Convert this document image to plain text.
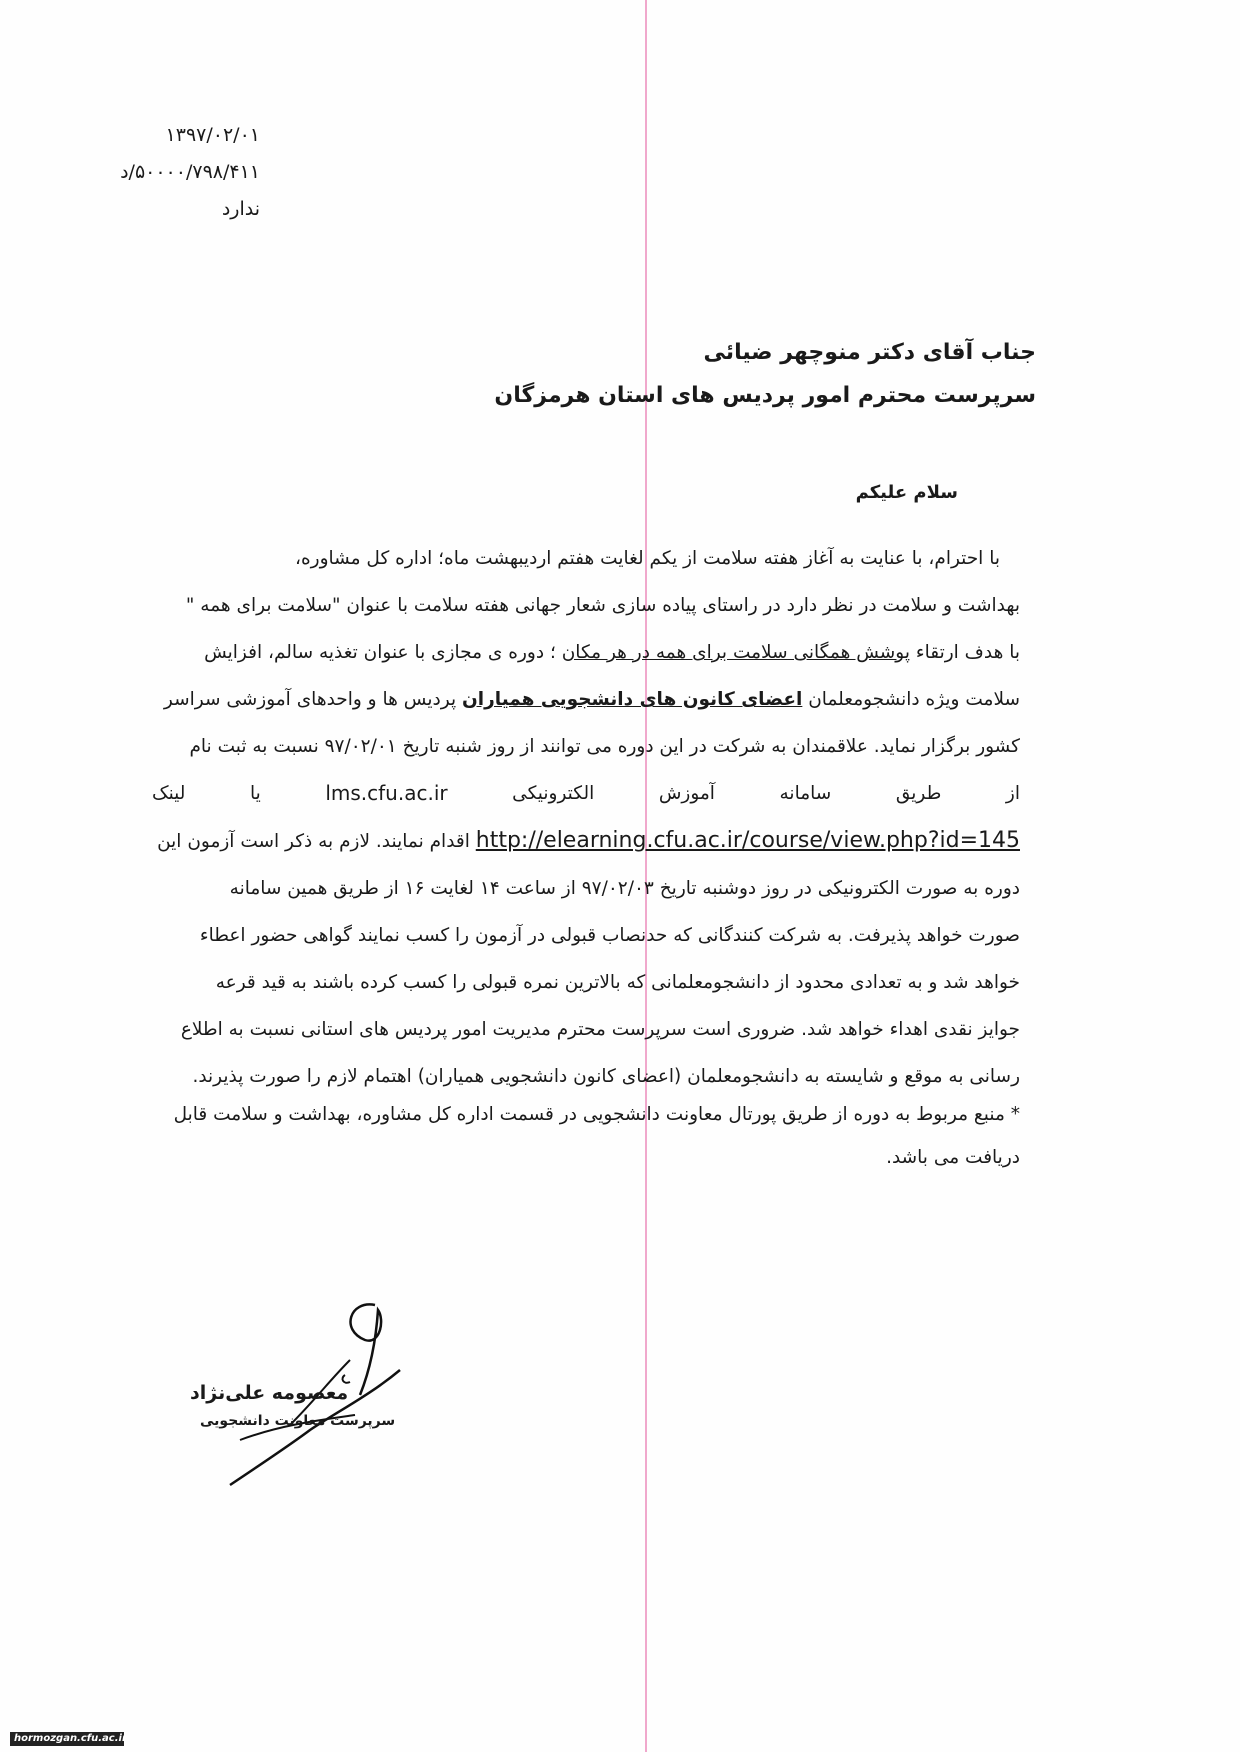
۱۳۹۷/۰۲/۰۱
۵۰۰۰۰/۷۹۸/۴۱۱/د
ندارد
جناب آقای دکتر منوچهر ضیائی
سرپرست محترم امور پردیس های استان هرمزگان
سلام علیکم

با احترام، با عنایت به آغاز هفته سلامت از یکم لغایت هفتم اردیبهشت ماه؛ اداره کل مشاوره،

بهداشت و سلامت در نظر دارد در راستای پیاده سازی شعار جهانی هفته سلامت با عنوان "سلامت برای همه "

با هدف ارتقاء پوشش همگانی سلامت برای همه در هر مکان ؛ دوره ی مجازی با عنوان تغذیه سالم، افزایش

سلامت ویژه دانشجومعلمان اعضای کانون های دانشجویی همیاران پردیس ها و واحدهای آموزشی سراسر

کشور برگزار نماید. علاقمندان به شرکت در این دوره می توانند از روز شنبه تاریخ ۹۷/۰۲/۰۱ نسبت به ثبت نام

از
طریق
سامانه
آموزش
الکترونیکی
lms.cfu.ac.ir
یا
لینک

http://elearning.cfu.ac.ir/course/view.php?id=145 اقدام نمایند. لازم به ذکر است آزمون این

دوره به صورت الکترونیکی در روز دوشنبه تاریخ ۹۷/۰۲/۰۳ از ساعت ۱۴ لغایت ۱۶ از طریق همین سامانه

صورت خواهد پذیرفت. به شرکت کنندگانی که حدنصاب قبولی در آزمون را کسب نمایند گواهی حضور اعطاء

خواهد شد و به تعدادی محدود از دانشجومعلمانی که بالاترین نمره قبولی را کسب کرده باشند به قید قرعه

جوایز نقدی اهداء خواهد شد. ضروری است سرپرست محترم مدیریت امور پردیس های استانی نسبت به اطلاع

رسانی به موقع و شایسته به دانشجومعلمان (اعضای کانون دانشجویی همیاران) اهتمام لازم را صورت پذیرند.

* منبع مربوط به دوره از طریق پورتال معاونت دانشجویی در قسمت اداره کل مشاوره، بهداشت و سلامت قابل

دریافت می باشد.

معصومه علی‌نژاد
سرپرست معاونت دانشجویی
hormozgan.cfu.ac.ir
